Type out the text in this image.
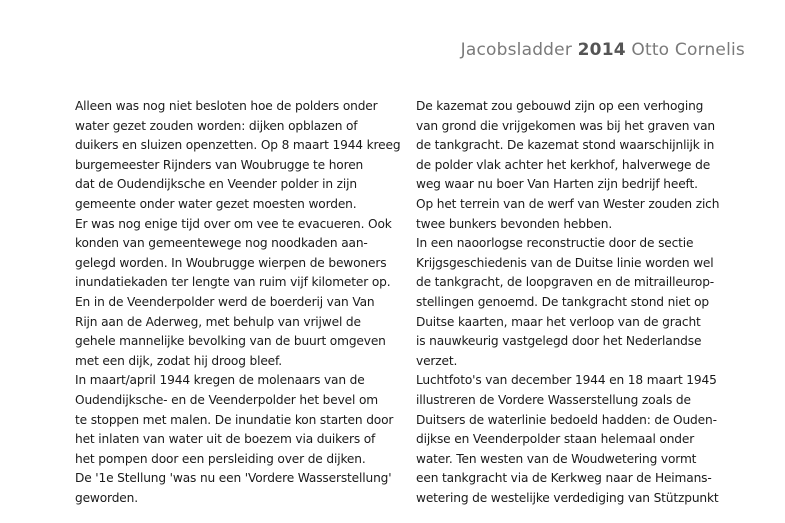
Jacobsladder 2014 Otto Cornelis
Alleen was nog niet besloten hoe de polders onder
water gezet zouden worden: dijken opblazen of
duikers en sluizen openzetten. Op 8 maart 1944 kreeg
burgemeester Rijnders van Woubrugge te horen
dat de Oudendijksche en Veender polder in zijn
gemeente onder water gezet moesten worden.
Er was nog enige tijd over om vee te evacueren. Ook
konden van gemeentewege nog noodkaden aan-
gelegd worden. In Woubrugge wierpen de bewoners
inundatiekaden ter lengte van ruim vijf kilometer op.
En in de Veenderpolder werd de boerderij van Van
Rijn aan de Aderweg, met behulp van vrijwel de
gehele mannelijke bevolking van de buurt omgeven
met een dijk, zodat hij droog bleef.
In maart/april 1944 kregen de molenaars van de
Oudendijksche- en de Veenderpolder het bevel om
te stoppen met malen. De inundatie kon starten door
het inlaten van water uit de boezem via duikers of
het pompen door een persleiding over de dijken.
De '1e Stellung 'was nu een 'Vordere Wasserstellung'
geworden.
De kazemat zou gebouwd zijn op een verhoging
van grond die vrijgekomen was bij het graven van
de tankgracht. De kazemat stond waarschijnlijk in
de polder vlak achter het kerkhof, halverwege de
weg waar nu boer Van Harten zijn bedrijf heeft.
Op het terrein van de werf van Wester zouden zich
twee bunkers bevonden hebben.
In een naoorlogse reconstructie door de sectie
Krijgsgeschiedenis van de Duitse linie worden wel
de tankgracht, de loopgraven en de mitrailleurop-
stellingen genoemd. De tankgracht stond niet op
Duitse kaarten, maar het verloop van de gracht
is nauwkeurig vastgelegd door het Nederlandse
verzet.
Luchtfoto's van december 1944 en 18 maart 1945
illustreren de Vordere Wasserstellung zoals de
Duitsers de waterlinie bedoeld hadden: de Ouden-
dijkse en Veenderpolder staan helemaal onder
water. Ten westen van de Woudwetering vormt
een tankgracht via de Kerkweg naar de Heimans-
wetering de westelijke verdediging van Stützpunkt
